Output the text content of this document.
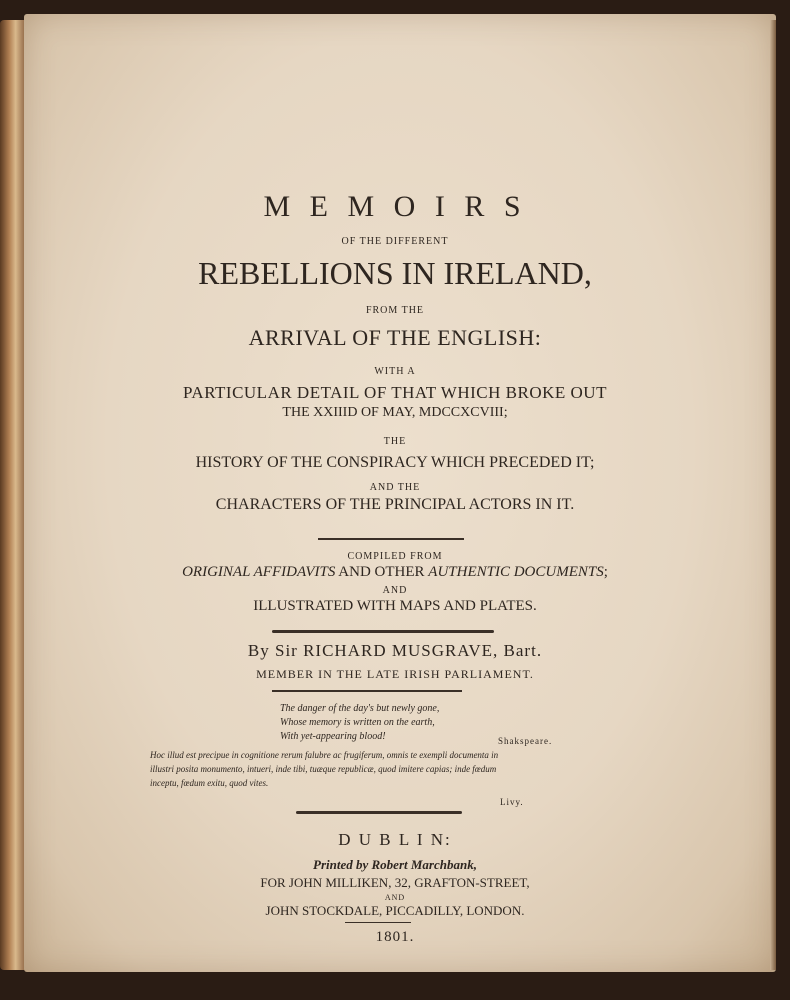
M E M O I R S
OF THE DIFFERENT
REBELLIONS IN IRELAND,
FROM THE
ARRIVAL OF THE ENGLISH:
WITH A
PARTICULAR DETAIL OF THAT WHICH BROKE OUT
THE XXIIID OF MAY, MDCCXCVIII;
THE
HISTORY OF THE CONSPIRACY WHICH PRECEDED IT;
AND THE
CHARACTERS OF THE PRINCIPAL ACTORS IN IT.
COMPILED FROM
ORIGINAL AFFIDAVITS AND OTHER AUTHENTIC DOCUMENTS;
AND
ILLUSTRATED WITH MAPS AND PLATES.
By Sir RICHARD MUSGRAVE, Bart.
MEMBER IN THE LATE IRISH PARLIAMENT.
The danger of the day's but newly gone,
Whose memory is written on the earth,
With yet-appearing blood!	Shakspeare.
Hoc illud est precipue in cognitione rerum falubre ac frugiferum, omnis te exempli documenta in
illustri posita monumento, intueri, inde tibi, tuæque republicæ, quod imitere capias; inde fœdum
inceptu, fœdum exitu, quod vites.
Livy.
D U B L I N:
Printed by Robert Marchbank,
FOR JOHN MILLIKEN, 32, GRAFTON-STREET,
AND
JOHN STOCKDALE, PICCADILLY, LONDON.
1801.
